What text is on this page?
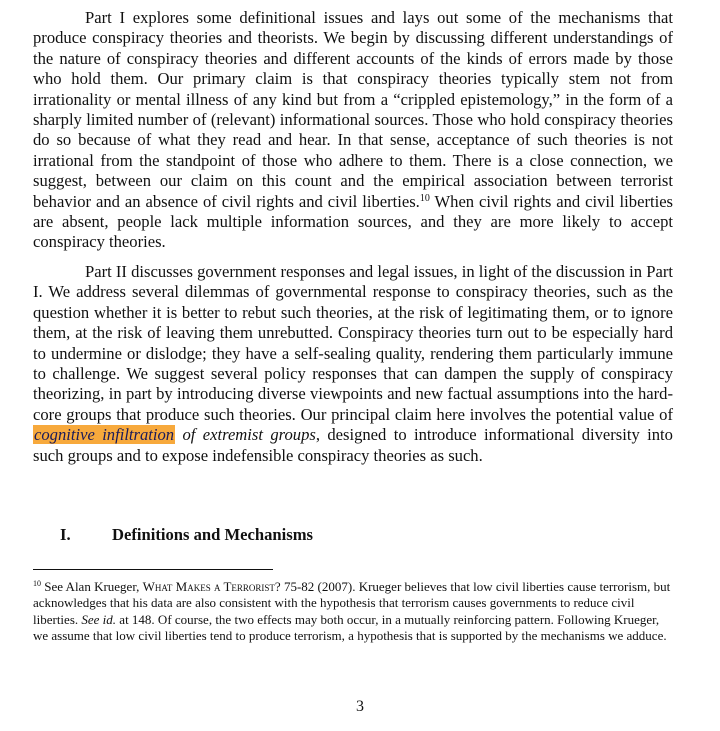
Part I explores some definitional issues and lays out some of the mechanisms that produce conspiracy theories and theorists. We begin by discussing different understandings of the nature of conspiracy theories and different accounts of the kinds of errors made by those who hold them. Our primary claim is that conspiracy theories typically stem not from irrationality or mental illness of any kind but from a “crippled epistemology,” in the form of a sharply limited number of (relevant) informational sources. Those who hold conspiracy theories do so because of what they read and hear. In that sense, acceptance of such theories is not irrational from the standpoint of those who adhere to them. There is a close connection, we suggest, between our claim on this count and the empirical association between terrorist behavior and an absence of civil rights and civil liberties.$^{10}$ When civil rights and civil liberties are absent, people lack multiple information sources, and they are more likely to accept conspiracy theories.

Part II discusses government responses and legal issues, in light of the discussion in Part I. We address several dilemmas of governmental response to conspiracy theories, such as the question whether it is better to rebut such theories, at the risk of legitimating them, or to ignore them, at the risk of leaving them unrebutted. Conspiracy theories turn out to be especially hard to undermine or dislodge; they have a self-sealing quality, rendering them particularly immune to challenge. We suggest several policy responses that can dampen the supply of conspiracy theorizing, in part by introducing diverse viewpoints and new factual assumptions into the hard-core groups that produce such theories. Our principal claim here involves the potential value of cognitive infiltration of extremist groups, designed to introduce informational diversity into such groups and to expose indefensible conspiracy theories as such.

I. Definitions and Mechanisms

$^{10}$ See Alan Krueger, What Makes a Terrorist? 75-82 (2007). Krueger believes that low civil liberties cause terrorism, but acknowledges that his data are also consistent with the hypothesis that terrorism causes governments to reduce civil liberties. See id. at 148. Of course, the two effects may both occur, in a mutually reinforcing pattern. Following Krueger, we assume that low civil liberties tend to produce terrorism, a hypothesis that is supported by the mechanisms we adduce.

3
